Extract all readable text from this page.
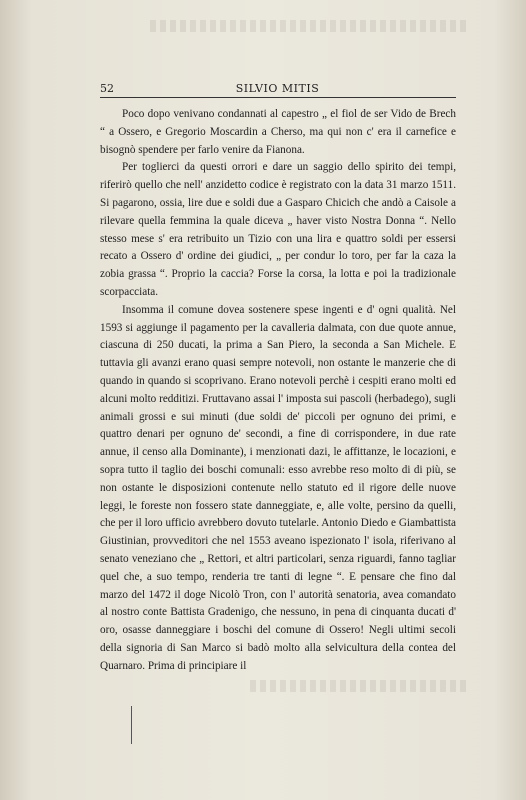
52	SILVIO MITIS

Poco dopo venivano condannati al capestro „ el fiol de ser Vido de Brech “ a Ossero, e Gregorio Moscardin a Cherso, ma qui non c' era il carnefice e bisognò spendere per farlo venire da Fianona.

Per toglierci da questi orrori e dare un saggio dello spirito dei tempi, riferirò quello che nell' anzidetto codice è registrato con la data 31 marzo 1511. Si pagarono, ossia, lire due e soldi due a Gasparo Chicich che andò a Caisole a rilevare quella femmina la quale diceva „ haver visto Nostra Donna “. Nello stesso mese s' era retribuito un Tizio con una lira e quattro soldi per essersi recato a Ossero d' ordine dei giudici, „ per condur lo toro, per far la caza la zobia grassa “. Proprio la caccia? Forse la corsa, la lotta e poi la tradizionale scorpacciata.

Insomma il comune dovea sostenere spese ingenti e d' ogni qualità. Nel 1593 si aggiunge il pagamento per la cavalleria dalmata, con due quote annue, ciascuna di 250 ducati, la prima a San Piero, la seconda a San Michele. E tuttavia gli avanzi erano quasi sempre notevoli, non ostante le manzerie che di quando in quando si scoprivano. Erano notevoli perchè i cespiti erano molti ed alcuni molto redditizi. Fruttavano assai l' imposta sui pascoli (herbadego), sugli animali grossi e sui minuti (due soldi de' piccoli per ognuno dei primi, e quattro denari per ognuno de' secondi, a fine di corrispondere, in due rate annue, il censo alla Dominante), i menzionati dazi, le affittanze, le locazioni, e sopra tutto il taglio dei boschi comunali: esso avrebbe reso molto di di più, se non ostante le disposizioni contenute nello statuto ed il rigore delle nuove leggi, le foreste non fossero state danneggiate, e, alle volte, persino da quelli, che per il loro ufficio avrebbero dovuto tutelarle. Antonio Diedo e Giambattista Giustinian, provveditori che nel 1553 aveano ispezionato l' isola, riferivano al senato veneziano che „ Rettori, et altri particolari, senza riguardi, fanno tagliar quel che, a suo tempo, renderia tre tanti di legne “. E pensare che fino dal marzo del 1472 il doge Nicolò Tron, con l' autorità senatoria, avea comandato al nostro conte Battista Gradenigo, che nessuno, in pena di cinquanta ducati d' oro, osasse danneggiare i boschi del comune di Ossero! Negli ultimi secoli della signoria di San Marco si badò molto alla selvicultura della contea del Quarnaro. Prima di principiare il
